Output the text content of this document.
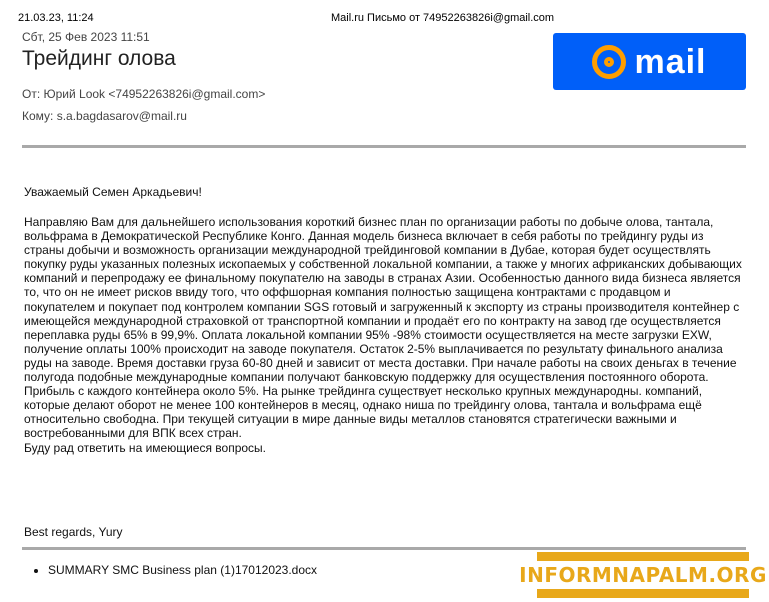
21.03.23, 11:24	Mail.ru Письмо от 74952263826i@gmail.com
Сбт, 25 Фев 2023 11:51
Трейдинг олова
От: Юрий Look <74952263826i@gmail.com>
Кому: s.a.bagdasarov@mail.ru
mail
Уважаемый Семен Аркадьевич!
Направляю Вам для дальнейшего использования короткий бизнес план по организации работы по добыче олова, тантала, вольфрама в Демократической Республике Конго. Данная модель бизнеса включает в себя работы по трейдингу руды из страны добычи и возможность организации международной трейдинговой компании в Дубае, которая будет осуществлять покупку руды указанных полезных ископаемых у собственной локальной компании, а также у многих африканских добывающих компаний и перепродажу ее финальному покупателю на заводы в странах Азии. Особенностью данного вида бизнеса является то, что он не имеет рисков ввиду того, что оффшорная компания полностью защищена контрактами с продавцом и покупателем и покупает под контролем компании SGS готовый и загруженный к экспорту из страны производителя контейнер с имеющейся международной страховкой от транспортной компании и продаёт его по контракту на завод где осуществляется переплавка руды 65% в 99,9%. Оплата локальной компании 95% -98% стоимости осуществляется на месте загрузки EXW, получение оплаты 100% происходит на заводе покупателя. Остаток 2-5% выплачивается по результату финального анализа руды на заводе. Время доставки груза 60-80 дней и зависит от места доставки. При начале работы на своих деньгах в течение полугода подобные международные компании получают банковскую поддержку для осуществления постоянного оборота. Прибыль с каждого контейнера около 5%. На рынке трейдинга существует несколько крупных международны. компаний, которые делают оборот не менее 100 контейнеров в месяц, однако ниша по трейдингу олова, тантала и вольфрама ещё относительно свободна. При текущей ситуации в мире данные виды металлов становятся стратегически важными и востребованными для ВПК всех стран.
Буду рад ответить на имеющиеся вопросы.
Best regards, Yury
• SUMMARY SMC Business plan (1)17012023.docx	INFORMNAPALM.ORG
